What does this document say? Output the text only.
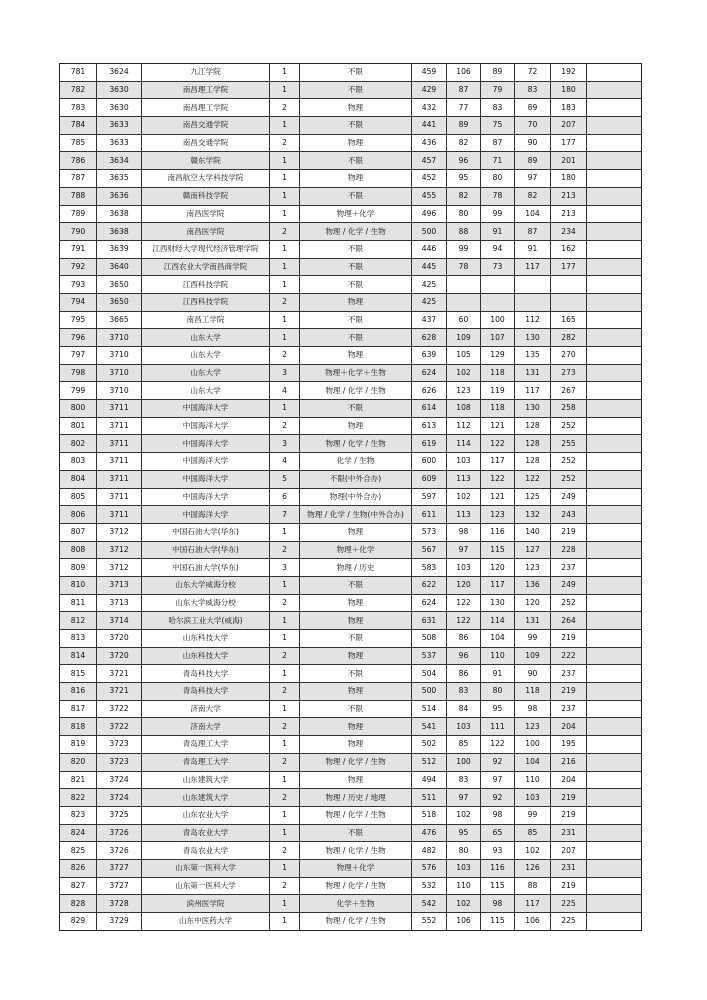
781	3624	九江学院	1	不限	459	106	89	72	192	
782	3630	南昌理工学院	1	不限	429	87	79	83	180	
783	3630	南昌理工学院	2	物理	432	77	83	89	183	
784	3633	南昌交通学院	1	不限	441	89	75	70	207	
785	3633	南昌交通学院	2	物理	436	82	87	90	177	
786	3634	赣东学院	1	不限	457	96	71	89	201	
787	3635	南昌航空大学科技学院	1	物理	452	95	80	97	180	
788	3636	赣南科技学院	1	不限	455	82	78	82	213	
789	3638	南昌医学院	1	物理＋化学	496	80	99	104	213	
790	3638	南昌医学院	2	物理 / 化学 / 生物	500	88	91	87	234	
791	3639	江西财经大学现代经济管理学院	1	不限	446	99	94	91	162	
792	3640	江西农业大学南昌商学院	1	不限	445	78	73	117	177	
793	3650	江西科技学院	1	不限	425					
794	3650	江西科技学院	2	物理	425					
795	3665	南昌工学院	1	不限	437	60	100	112	165	
796	3710	山东大学	1	不限	628	109	107	130	282	
797	3710	山东大学	2	物理	639	105	129	135	270	
798	3710	山东大学	3	物理＋化学＋生物	624	102	118	131	273	
799	3710	山东大学	4	物理 / 化学 / 生物	626	123	119	117	267	
800	3711	中国海洋大学	1	不限	614	108	118	130	258	
801	3711	中国海洋大学	2	物理	613	112	121	128	252	
802	3711	中国海洋大学	3	物理 / 化学 / 生物	619	114	122	128	255	
803	3711	中国海洋大学	4	化学 / 生物	600	103	117	128	252	
804	3711	中国海洋大学	5	不限(中外合办)	609	113	122	122	252	
805	3711	中国海洋大学	6	物理(中外合办)	597	102	121	125	249	
806	3711	中国海洋大学	7	物理 / 化学 / 生物(中外合办)	611	113	123	132	243	
807	3712	中国石油大学(华东)	1	物理	573	98	116	140	219	
808	3712	中国石油大学(华东)	2	物理＋化学	567	97	115	127	228	
809	3712	中国石油大学(华东)	3	物理 / 历史	583	103	120	123	237	
810	3713	山东大学威海分校	1	不限	622	120	117	136	249	
811	3713	山东大学威海分校	2	物理	624	122	130	120	252	
812	3714	哈尔滨工业大学(威海)	1	物理	631	122	114	131	264	
813	3720	山东科技大学	1	不限	508	86	104	99	219	
814	3720	山东科技大学	2	物理	537	96	110	109	222	
815	3721	青岛科技大学	1	不限	504	86	91	90	237	
816	3721	青岛科技大学	2	物理	500	83	80	118	219	
817	3722	济南大学	1	不限	514	84	95	98	237	
818	3722	济南大学	2	物理	541	103	111	123	204	
819	3723	青岛理工大学	1	物理	502	85	122	100	195	
820	3723	青岛理工大学	2	物理 / 化学 / 生物	512	100	92	104	216	
821	3724	山东建筑大学	1	物理	494	83	97	110	204	
822	3724	山东建筑大学	2	物理 / 历史 / 地理	511	97	92	103	219	
823	3725	山东农业大学	1	物理 / 化学 / 生物	518	102	98	99	219	
824	3726	青岛农业大学	1	不限	476	95	65	85	231	
825	3726	青岛农业大学	2	物理 / 化学 / 生物	482	80	93	102	207	
826	3727	山东第一医科大学	1	物理＋化学	576	103	116	126	231	
827	3727	山东第一医科大学	2	物理 / 化学 / 生物	532	110	115	88	219	
828	3728	滨州医学院	1	化学＋生物	542	102	98	117	225	
829	3729	山东中医药大学	1	物理 / 化学 / 生物	552	106	115	106	225	
